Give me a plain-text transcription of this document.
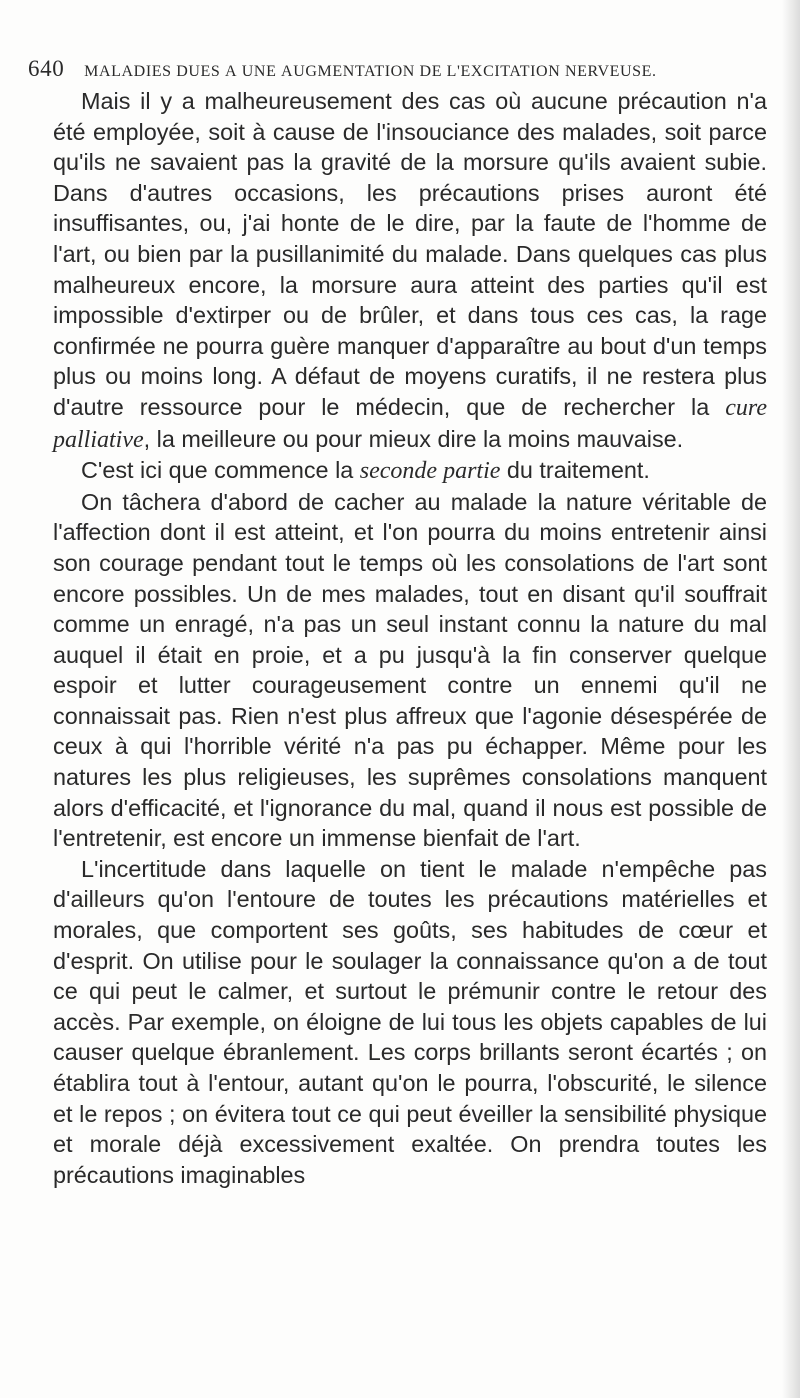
640 maladies dues a une augmentation de l'excitation nerveuse.

Mais il y a malheureusement des cas où aucune précaution n'a été employée, soit à cause de l'insouciance des malades, soit parce qu'ils ne savaient pas la gravité de la morsure qu'ils avaient subie. Dans d'autres occasions, les précautions prises auront été insuffisantes, ou, j'ai honte de le dire, par la faute de l'homme de l'art, ou bien par la pusillanimité du malade. Dans quelques cas plus malheureux encore, la morsure aura atteint des parties qu'il est impossible d'extirper ou de brûler, et dans tous ces cas, la rage confirmée ne pourra guère manquer d'apparaître au bout d'un temps plus ou moins long. A défaut de moyens curatifs, il ne restera plus d'autre ressource pour le médecin, que de rechercher la cure palliative, la meilleure ou pour mieux dire la moins mauvaise.

C'est ici que commence la seconde partie du traitement.

On tâchera d'abord de cacher au malade la nature véritable de l'affection dont il est atteint, et l'on pourra du moins entretenir ainsi son courage pendant tout le temps où les consolations de l'art sont encore possibles. Un de mes malades, tout en disant qu'il souffrait comme un enragé, n'a pas un seul instant connu la nature du mal auquel il était en proie, et a pu jusqu'à la fin conserver quelque espoir et lutter courageusement contre un ennemi qu'il ne connaissait pas. Rien n'est plus affreux que l'agonie désespérée de ceux à qui l'horrible vérité n'a pas pu échapper. Même pour les natures les plus religieuses, les suprêmes consolations manquent alors d'efficacité, et l'ignorance du mal, quand il nous est possible de l'entretenir, est encore un immense bienfait de l'art.

L'incertitude dans laquelle on tient le malade n'empêche pas d'ailleurs qu'on l'entoure de toutes les précautions matérielles et morales, que comportent ses goûts, ses habitudes de cœur et d'esprit. On utilise pour le soulager la connaissance qu'on a de tout ce qui peut le calmer, et surtout le prémunir contre le retour des accès. Par exemple, on éloigne de lui tous les objets capables de lui causer quelque ébranlement. Les corps brillants seront écartés ; on établira tout à l'entour, autant qu'on le pourra, l'obscurité, le silence et le repos ; on évitera tout ce qui peut éveiller la sensibilité physique et morale déjà excessivement exaltée. On prendra toutes les précautions imaginables
